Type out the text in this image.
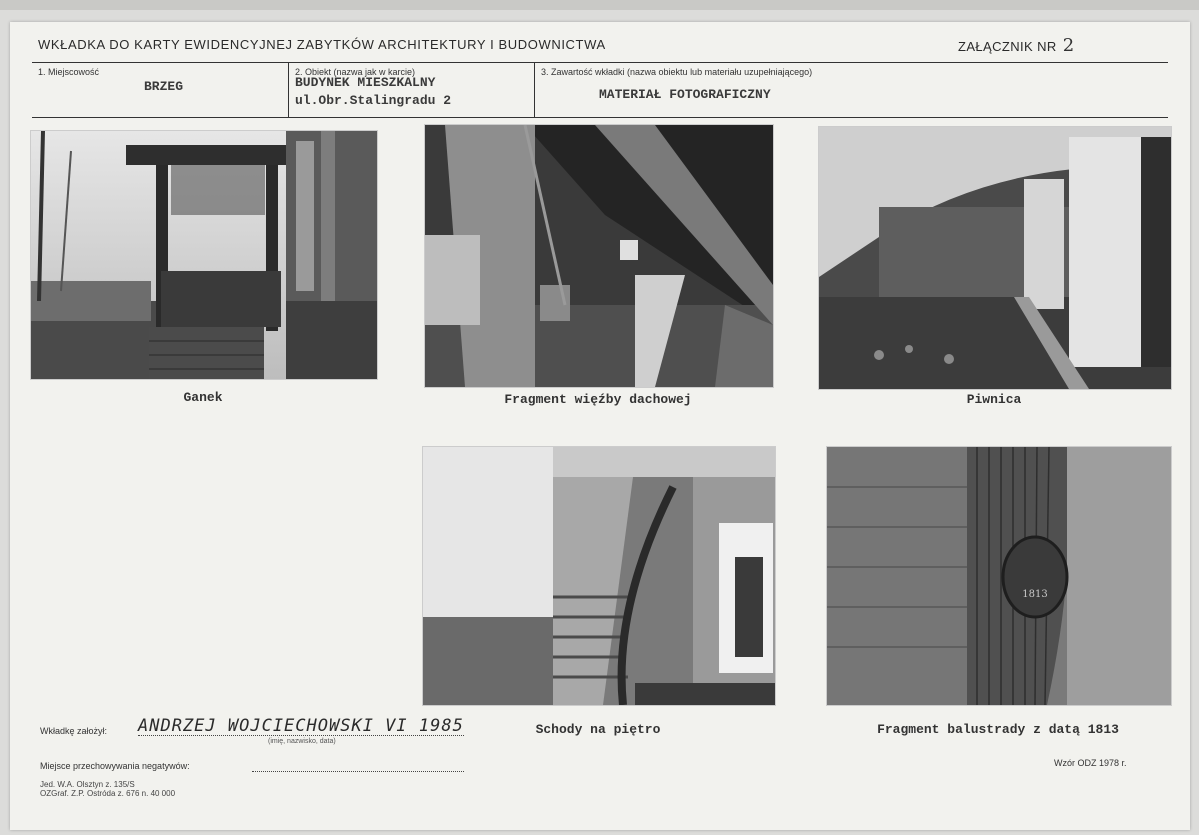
WKŁADKA DO KARTY EWIDENCYJNEJ ZABYTKÓW ARCHITEKTURY I BUDOWNICTWA	ZAŁĄCZNIK NR 2
1. Miejscowość
BRZEG
2. Obiekt (nazwa jak w karcie)
BUDYNEK MIESZKALNY
ul.Obr.Stalingradu 2
3. Zawartość wkładki (nazwa obiektu lub materiału uzupełniającego)
MATERIAŁ FOTOGRAFICZNY
Ganek	Fragment więźby dachowej	Piwnica
Schody na piętro
1813
Fragment balustrady z datą 1813
Wkładkę założył: ANDRZEJ WOJCIECHOWSKI VI 1985
(imię, nazwisko, data)
Miejsce przechowywania negatywów:
Jed. W.A. Olsztyn z. 135/S
OZGraf. Z.P. Ostróda z. 676 n. 40 000
Wzór ODZ 1978 r.
